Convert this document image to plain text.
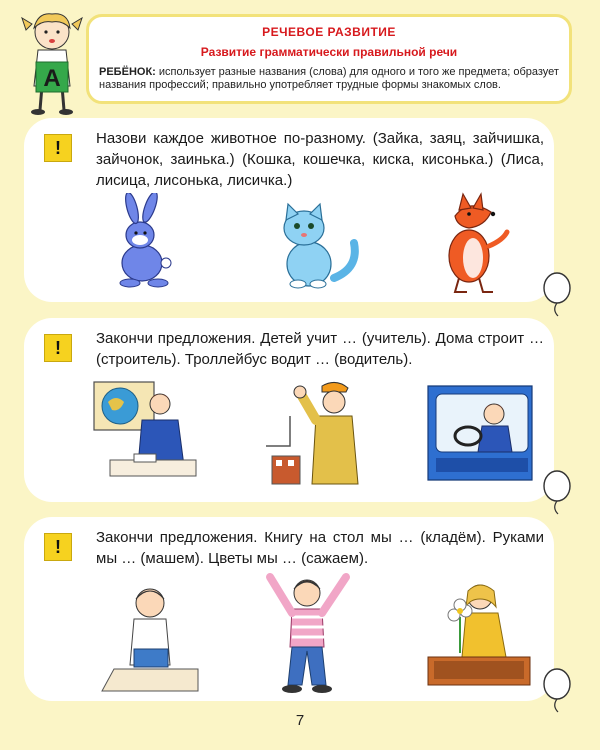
А
РЕЧЕВОЕ РАЗВИТИЕ
Развитие грамматически правильной речи
РЕБЁНОК: использует разные названия (слова) для одного и того же предмета; образует названия профессий; правильно употребляет трудные формы знакомых слов.
!	Назови каждое животное по-разному. (Зайка, заяц, зайчишка, зайчонок, заинька.) (Кошка, кошечка, киска, кисонька.) (Лиса, лисица, лисонька, лисичка.)
!	Закончи предложения. Детей учит … (учитель). Дома строит … (строитель). Троллейбус водит … (водитель).
!	Закончи предложения. Книгу на стол мы … (кладём). Руками мы … (машем). Цветы мы … (сажаем).
7
